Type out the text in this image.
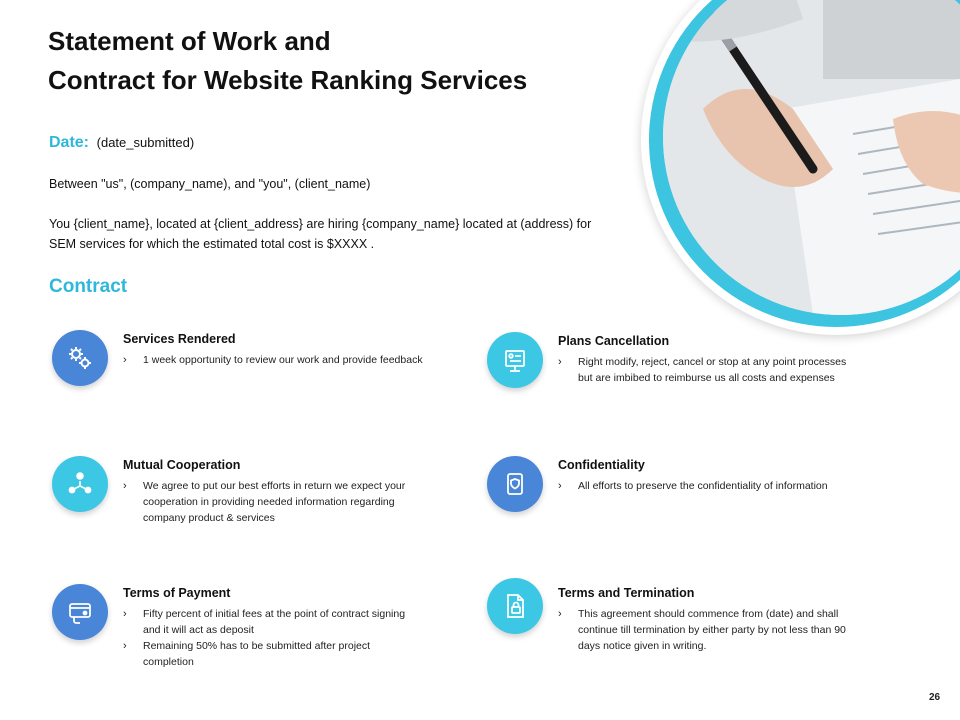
Statement of Work and
Contract for Website Ranking Services
Date: (date_submitted)
Between "us", (company_name), and "you", (client_name)
You {client_name}, located at {client_address} are hiring {company_name} located at (address) for SEM services for which the estimated total cost is $XXXX .
Contract
Services Rendered
› 1 week opportunity to review our work and provide feedback
Plans Cancellation
› Right modify, reject, cancel or stop at any point processes but are imbibed to reimburse us all costs and expenses
Mutual Cooperation
› We agree to put our best efforts in return we expect your cooperation in providing needed information regarding company product & services
Confidentiality
› All efforts to preserve the confidentiality of information
Terms of Payment
› Fifty percent of initial fees at the point of contract signing and it will act as deposit
› Remaining 50% has to be submitted after project completion
Terms and Termination
› This agreement should commence from (date) and shall continue till termination by either party by not less than 90 days notice given in writing.
26
